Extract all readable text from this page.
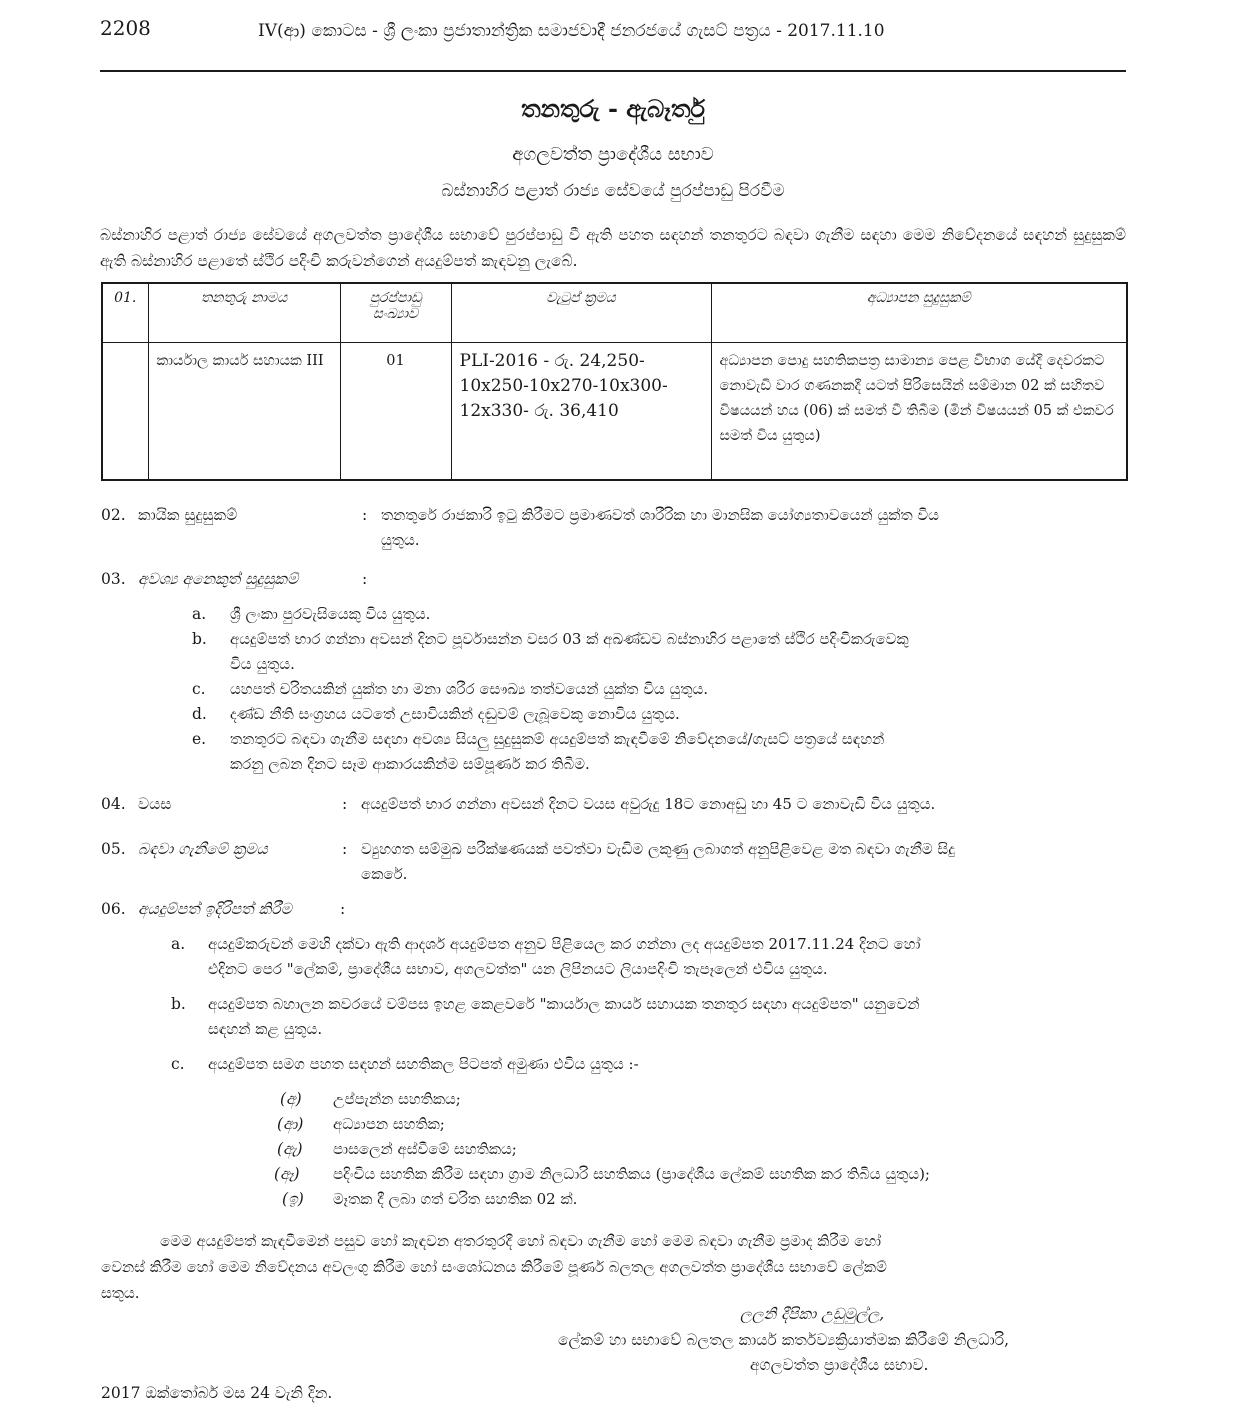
2208	IV(ආ) කොටස - ශ්‍රී ලංකා ප්‍රජාතාන්ත්‍රික සමාජවාදී ජනරජයේ ගැසට් පත්‍රය - 2017.11.10
තනතුරු - ඇබෑර්තු
අගලවත්ත ප්‍රාදේශීය සභාව
බස්නාහිර පළාත් රාජ්‍ය සේවයේ පුරප්පාඩු පිරවීම
බස්නාහිර පළාත් රාජ්‍ය සේවයේ අගලවත්ත ප්‍රාදේශීය සභාවේ පුරප්පාඩු වී ඇති පහත සඳහන් තනතුරට බඳවා ගැනීම සඳහා මෙම නිවේදනයේ සඳහන් සුදුසුකම් ඇති බස්නාහිර පළාතේ ස්ථිර පදිංචි කරුවන්ගෙන් අයදුම්පත් කැඳවනු ලැබේ.
01.	තනතුරු නාමය	පුරප්පාඩු සංඛ්‍යාව	වැටුප් ක්‍රමය	අධ්‍යාපන සුදුසුකම්
	කාර්යාල කාර්ය සහායක III	01	PLI-2016 - රු. 24,250-10x250-10x270-10x300-12x330- රු. 36,410	අධ්‍යාපන පොදු සහතිකපත්‍ර සාමාන්‍ය පෙළ විභාග යේදී දෙවරකට නොවැඩි වාර ගණනකදී යටත් පිරිසෙයින් සම්මාන 02 ක් සහිතව විෂයයන් හය (06) ක් සමත් වී තිබීම (මින් විෂයයන් 05 ක් එකවර සමත් විය යුතුය)
02. කායික සුදුසුකම්	: තනතුරේ රාජකාරි ඉටු කිරීමට ප්‍රමාණවත් ශාරීරික හා මානසික යෝග්‍යතාවයෙන් යුක්ත විය
යුතුය.
03. අවශ්‍ය අනෙකුත් සුදුසුකම්	:
a. ශ්‍රී ලංකා පුරවැසියෙකු විය යුතුය.
b. අයදුම්පත් භාර ගන්නා අවසන් දිනට පූර්වාසන්න වසර 03 ක් අඛණ්ඩව බස්නාහිර පළාතේ ස්ථිර පදිංචිකරුවෙකු
විය යුතුය.
c. යහපත් චරිතයකින් යුක්ත හා මනා ශරීර සෞඛ්‍ය තත්වයෙන් යුක්ත විය යුතුය.
d. දණ්ඩ නීති සංග්‍රහය යටතේ උසාවියකින් දඬුවම් ලැබූවෙකු නොවිය යුතුය.
e. තනතුරට බඳවා ගැනීම සඳහා අවශ්‍ය සියලු සුදුසුකම් අයදුම්පත් කැඳවීමේ නිවේදනයේ/ගැසට් පත්‍රයේ සඳහන්
කරනු ලබන දිනට සෑම ආකාරයකින්ම සම්පූර්ණ කර තිබීම.
04. වයස	: අයදුම්පත් භාර ගන්නා අවසන් දිනට වයස අවුරුදු 18ට නොඅඩු හා 45 ට නොවැඩි විය යුතුය.
05. බඳවා ගැනීමේ ක්‍රමය	: ව්‍යුහගත සම්මුඛ පරීක්ෂණයක් පවත්වා වැඩිම ලකුණු ලබාගත් අනුපිළිවෙළ මත බඳවා ගැනීම සිදු
කෙරේ.
06. අයදුම්පත් ඉදිරිපත් කිරීම	:
a. අයදුම්කරුවන් මෙහි දක්වා ඇති ආදර්ශ අයදුම්පත අනුව පිළියෙල කර ගන්නා ලද අයදුම්පත 2017.11.24 දිනට හෝ
එදිනට පෙර "ලේකම්, ප්‍රාදේශීය සභාව, අගලවත්ත" යන ලිපිනයට ලියාපදිංචි තැපෑලෙන් එවිය යුතුය.
b. අයදුම්පත බහාලන කවරයේ වම්පස ඉහළ කෙළවරේ "කාර්යාල කාර්ය සහායක තනතුර සඳහා අයදුම්පත" යනුවෙන්
සඳහන් කළ යුතුය.
c. අයදුම්පත සමග පහත සඳහන් සහතිකල පිටපත් අමුණා එවිය යුතුය :-
(අ) උප්පැන්න සහතිකය;
(ආ) අධ්‍යාපන සහතික;
(ඇ) පාසලෙන් අස්වීමේ සහතිකය;
(ඈ) පදිංචිය සහතික කිරීම සඳහා ග්‍රාම නිලධාරි සහතිකය (ප්‍රාදේශීය ලේකම් සහතික කර තිබිය යුතුය);
(ඉ) මෑතක දී ලබා ගත් චරිත සහතික 02 ක්.
මෙම අයදුම්පත් කැඳවීමෙන් පසුව හෝ කැඳවන අතරතුරදී හෝ බඳවා ගැනීම හෝ මෙම බඳවා ගැනීම ප්‍රමාද කිරීම හෝ
වෙනස් කිරීම හෝ මෙම නිවේදනය අවලංගු කිරීම හෝ සංශෝධනය කිරීමේ පූර්ණ බලතල අගලවත්ත ප්‍රාදේශීය සභාවේ ලේකම්
සතුය.
ලලනි දීපිකා උඩුමුල්ල,
ලේකම් හා සභාවේ බලතල කාර්ය කර්තව්‍යක්‍රියාත්මක කිරීමේ නිලධාරි,
අගලවත්ත ප්‍රාදේශීය සභාව.
2017 ඔක්තෝබර් මස 24 වැනි දින.
